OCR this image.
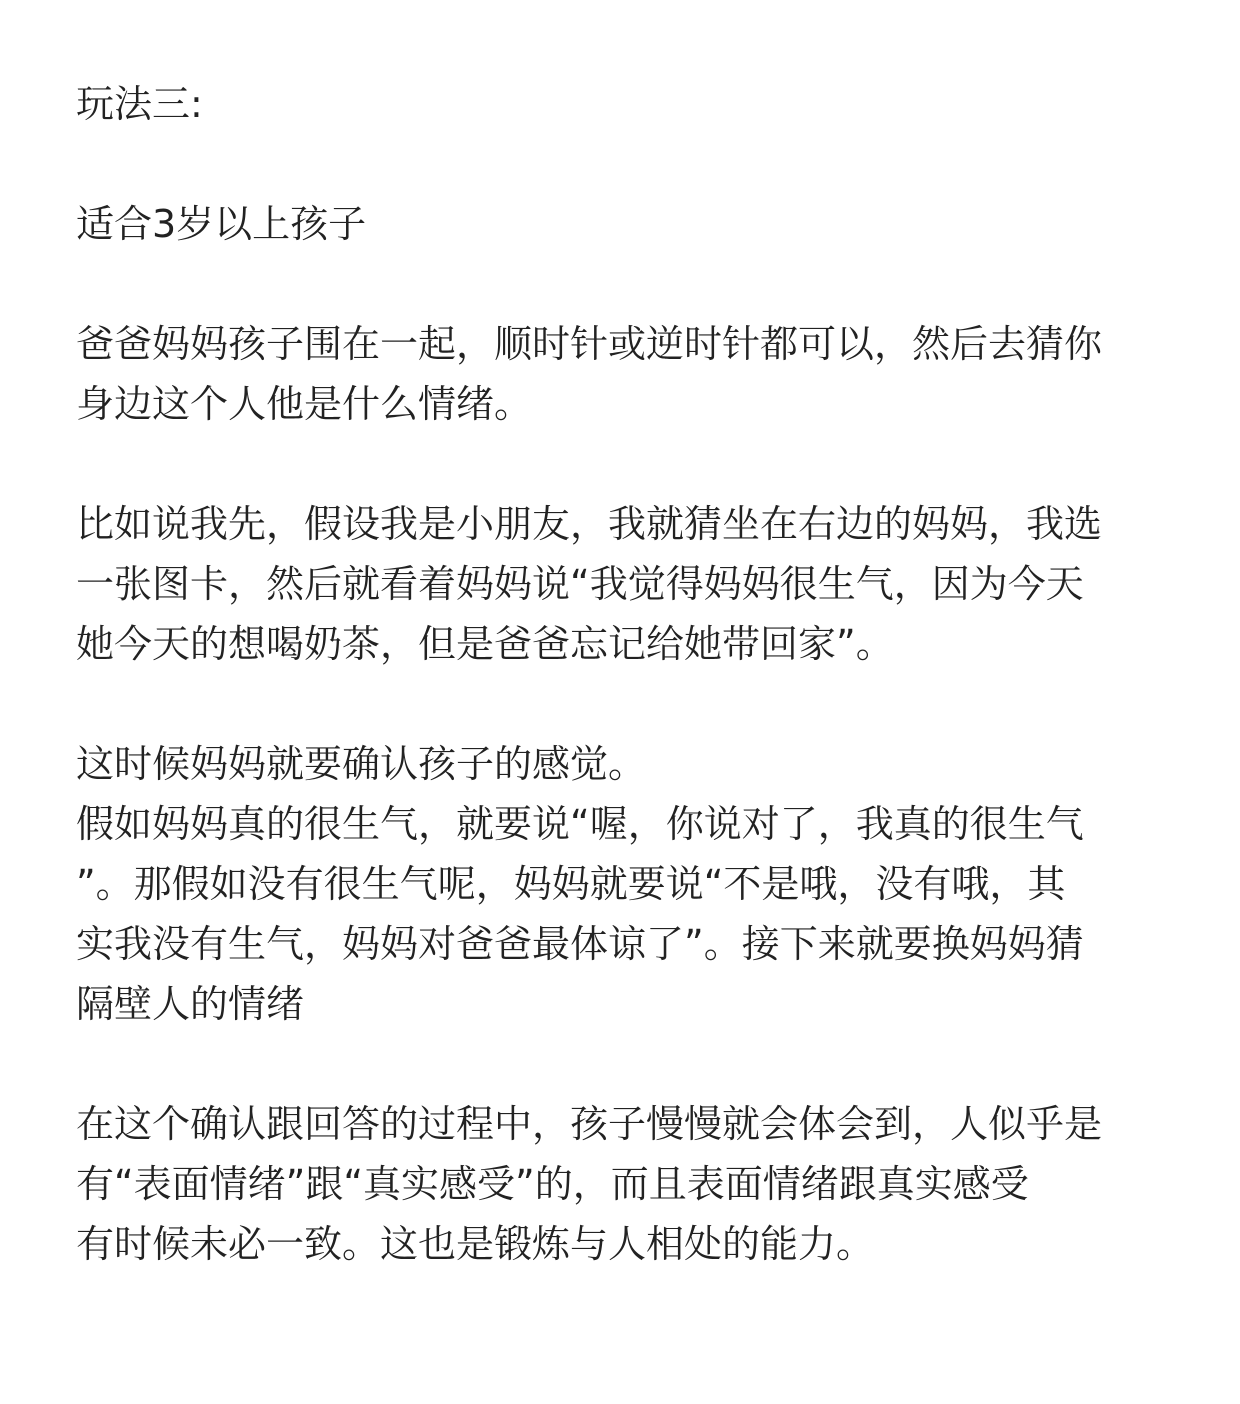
玩法三:
适合3岁以上孩子
爸爸妈妈孩子围在一起，顺时针或逆时针都可以，然后去猜你
身边这个人他是什么情绪。
比如说我先，假设我是小朋友，我就猜坐在右边的妈妈，我选
一张图卡，然后就看着妈妈说“我觉得妈妈很生气，因为今天
她今天的想喝奶茶，但是爸爸忘记给她带回家”。
这时候妈妈就要确认孩子的感觉。
假如妈妈真的很生气，就要说“喔，你说对了，我真的很生气
”。那假如没有很生气呢，妈妈就要说“不是哦，没有哦，其
实我没有生气，妈妈对爸爸最体谅了”。接下来就要换妈妈猜
隔壁人的情绪
在这个确认跟回答的过程中，孩子慢慢就会体会到，人似乎是
有“表面情绪”跟“真实感受”的，而且表面情绪跟真实感受
有时候未必一致。这也是锻炼与人相处的能力。
